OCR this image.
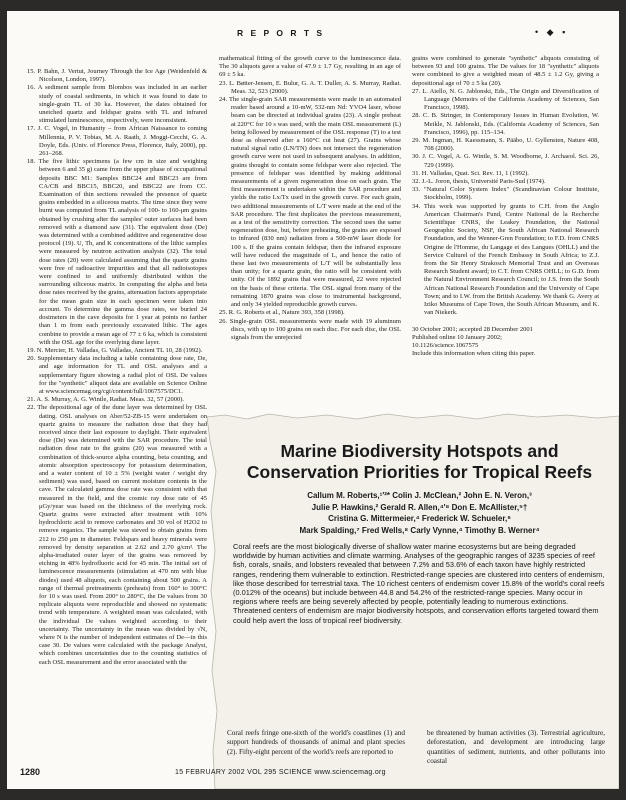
R E P O R T S	• ◆ ▪

15. P. Bahn, J. Vertut, Journey Through the Ice Age (Weidenfeld & Nicolson, London, 1997).

16. A sediment sample from Blombos was included in an earlier study of coastal sediments, in which it was found to date to single-grain TL of 30 ka. However, the dates obtained for unetched quartz and feldspar grains with TL and infrared stimulated luminescence, respectively, were inconsistent.

17. J. C. Vogel, in Humanity – from African Naissance to coming Millennia, P. V. Tobias, M. A. Raath, J. Moggi-Cecchi, G. A. Doyle, Eds. (Univ. of Florence Press, Florence, Italy, 2000), pp. 261–268.

18. The five lithic specimens (a few cm in size and weighing between 6 and 35 g) came from the upper phase of occupational deposits BBC M1: Samples BBC24 and BBC23 are from CA/CB and BBC15, BBC20, and BBC22 are from CC. Examination of thin sections revealed the presence of quartz grains embedded in a siliceous matrix. The time since they were burnt was computed from TL analysis of 100- to 160-μm grains obtained by crushing after the samples' outer surfaces had been removed with a diamond saw (31). The equivalent dose (De) was determined with a combined additive and regenerative dose protocol (19). U, Th, and K concentrations of the lithic samples were measured by neutron activation analysis (32). The total dose rates (20) were calculated assuming that the quartz grains were free of radioactive impurities and that all radioisotopes were confined to and uniformly distributed within the surrounding siliceous matrix. In computing the alpha and beta dose rates received by the grains, attenuation factors appropriate for the mean grain size in each specimen were taken into account. To determine the gamma dose rates, we buried 24 dosimeters in the cave deposits for 1 year at points no farther than 1 m from each previously excavated lithic. The ages combine to provide a mean age of 77 ± 6 ka, which is consistent with the OSL age for the overlying dune layer.

19. N. Mercier, H. Valladas, G. Valladas, Ancient TL 10, 28 (1992).

20. Supplementary data including a table containing dose rate, De, and age information for TL and OSL analyses and a supplementary figure showing a radial plot of OSL De values for the "synthetic" aliquot data are available on Science Online at www.sciencemag.org/cgi/content/full/1067575/DC1.

21. A. S. Murray, A. G. Wintle, Radiat. Meas. 32, 57 (2000).

22. The depositional age of the dune layer was determined by OSL dating. OSL analyses on Aber/52-ZB-15 were undertaken on quartz grains to measure the radiation dose that they had received since their last exposure to daylight. Their equivalent dose (De) was determined with the SAR procedure. The total radiation dose rate to the grains (20) was measured with a combination of thick-source alpha counting, beta counting, and atomic absorption spectroscopy for potassium determination, and a water content of 10 ± 5% (weight water / weight dry sediment) was used, based on current moisture contents in the cave. The calculated gamma dose rate was consistent with that measured in the field, and the cosmic ray dose rate of 45 μGy/year was based on the thickness of the overlying rock. Quartz grains were extracted after treatment with 10% hydrochloric acid to remove carbonates and 30 vol of H2O2 to remove organics. The sample was sieved to obtain grains from 212 to 250 μm in diameter. Feldspars and heavy minerals were removed by density separation at 2.62 and 2.70 g/cm³. The alpha-irradiated outer layer of the grains was removed by etching in 48% hydrofluoric acid for 45 min. The initial set of luminescence measurements (stimulation at 470 nm with blue diodes) used 48 aliquots, each containing about 500 grains. A range of thermal pretreatments (preheats) from 160° to 300°C for 10 s was used. From 200° to 280°C, the De values from 30 replicate aliquots were reproducible and showed no systematic trend with temperature. A weighted mean was calculated, with the individual De values weighted according to their uncertainty. The uncertainty in the mean was divided by √N, where N is the number of independent estimates of De—in this case 30. De values were calculated with the package Analyst, which combines uncertainties due to the counting statistics of each OSL measurement and the error associated with the

mathematical fitting of the growth curve to the luminescence data. The 30 aliquots gave a value of 47.9 ± 1.7 Gy, resulting in an age of 69 ± 5 ka.

23. L. Bøtter-Jensen, E. Bulur, G. A. T. Duller, A. S. Murray, Radiat. Meas. 32, 523 (2000).

24. The single-grain SAR measurements were made in an automated reader based around a 10-mW, 532-nm Nd: YVO4 laser, whose beam can be directed at individual grains (23). A single preheat at 220°C for 10 s was used, with the main OSL measurement (L) being followed by measurement of the OSL response (T) to a test dose as observed after a 160°C cut heat (27). Grains whose natural signal ratio (LN/TN) does not intersect the regeneration growth curve were not used in subsequent analyses. In addition, grains thought to contain some feldspar were also rejected. The presence of feldspar was identified by making additional measurements of a given regeneration dose on each grain. The first measurement is undertaken within the SAR procedure and yields the ratio Lx/Tx used in the growth curve. For each grain, two additional measurements of L/T were made at the end of the SAR procedure. The first duplicates the previous measurement, as a test of the sensitivity correction. The second uses the same regeneration dose, but, before preheating, the grains are exposed to infrared (830 nm) radiation from a 500-mW laser diode for 100 s. If the grains contain feldspar, then the infrared exposure will have reduced the magnitude of L, and hence the ratio of these last two measurements of L/T will be substantially less than unity; for a quartz grain, the ratio will be consistent with unity. Of the 1892 grains that were measured, 22 were rejected on the basis of these criteria. The OSL signal from many of the remaining 1870 grains was close to instrumental background, and only 34 yielded reproducible growth curves.

25. R. G. Roberts et al., Nature 393, 358 (1998).

26. Single-grain OSL measurements were made with 19 aluminum discs, with up to 100 grains on each disc. For each disc, the OSL signals from the unrejected

grains were combined to generate "synthetic" aliquots consisting of between 93 and 100 grains. The De values for 18 "synthetic" aliquots were combined to give a weighted mean of 48.5 ± 1.2 Gy, giving a depositional age of 70 ± 5 ka (20).

27. L. Aiello, N. G. Jablonski, Eds., The Origin and Diversification of Language (Memoirs of the California Academy of Sciences, San Francisco, 1998).

28. C. B. Stringer, in Contemporary Issues in Human Evolution, W. Meikle, N. Jablonski, Eds. (California Academy of Sciences, San Francisco, 1996), pp. 115–134.

29. M. Ingman, H. Kaessmann, S. Pääbo, U. Gyllensten, Nature 408, 708 (2000).

30. J. C. Vogel, A. G. Wintle, S. M. Woodborne, J. Archaeol. Sci. 26, 729 (1999).

31. H. Valladas, Quat. Sci. Rev. 11, 1 (1992).

32. J.-L. Joron, thesis, Université Paris-Sud (1974).

33. "Natural Color System Index" (Scandinavian Colour Institute, Stockholm, 1999).

34. This work was supported by grants to C.H. from the Anglo American Chairman's Fund, Centre National de la Recherche Scientifique CNRS, the Leakey Foundation, the National Geographic Society, NSF, the South African National Research Foundation, and the Wenner-Gren Foundation; to F.D. from CNRS Origine de l'Homme, du Langage et des Langues (OHLL) and the Service Culturel of the French Embassy in South Africa; to Z.J. from the Sir Henry Strakosch Memorial Trust and an Overseas Research Student award; to C.T. from CNRS OHLL; to G.D. from the Natural Environment Research Council; to J.S. from the South African National Research Foundation and the University of Cape Town; and to I.W. from the British Academy. We thank G. Avery at Iziko Museums of Cape Town, the South African Museum, and K. van Niekerk.

30 October 2001; accepted 28 December 2001
Published online 10 January 2002;
10.1126/science.1067575
Include this information when citing this paper.
Marine Biodiversity Hotspots and Conservation Priorities for Tropical Reefs
Callum M. Roberts,¹'²* Colin J. McClean,² John E. N. Veron,³
Julie P. Hawkins,² Gerald R. Allen,⁴'⁸ Don E. McAllister,⁵†
Cristina G. Mittermeier,⁴ Frederick W. Schueler,⁶
Mark Spalding,⁷ Fred Wells,⁸ Carly Vynne,⁴ Timothy B. Werner⁴

Coral reefs are the most biologically diverse of shallow water marine ecosystems but are being degraded worldwide by human activities and climate warming. Analyses of the geographic ranges of 3235 species of reef fish, corals, snails, and lobsters revealed that between 7.2% and 53.6% of each taxon have highly restricted ranges, rendering them vulnerable to extinction. Restricted-range species are clustered into centers of endemism, like those described for terrestrial taxa. The 10 richest centers of endemism cover 15.8% of the world's coral reefs (0.012% of the oceans) but include between 44.8 and 54.2% of the restricted-range species. Many occur in regions where reefs are being severely affected by people, potentially leading to numerous extinctions. Threatened centers of endemism are major biodiversity hotspots, and conservation efforts targeted toward them could help avert the loss of tropical reef biodiversity.

Coral reefs fringe one-sixth of the world's coastlines (1) and support hundreds of thousands of animal and plant species (2). Fifty-eight percent of the world's reefs are reported to
be threatened by human activities (3). Terrestrial agriculture, deforestation, and development are introducing large quantities of sediment, nutrients, and other pollutants into coastal
1280	15 FEBRUARY 2002 VOL 295 SCIENCE www.sciencemag.org
